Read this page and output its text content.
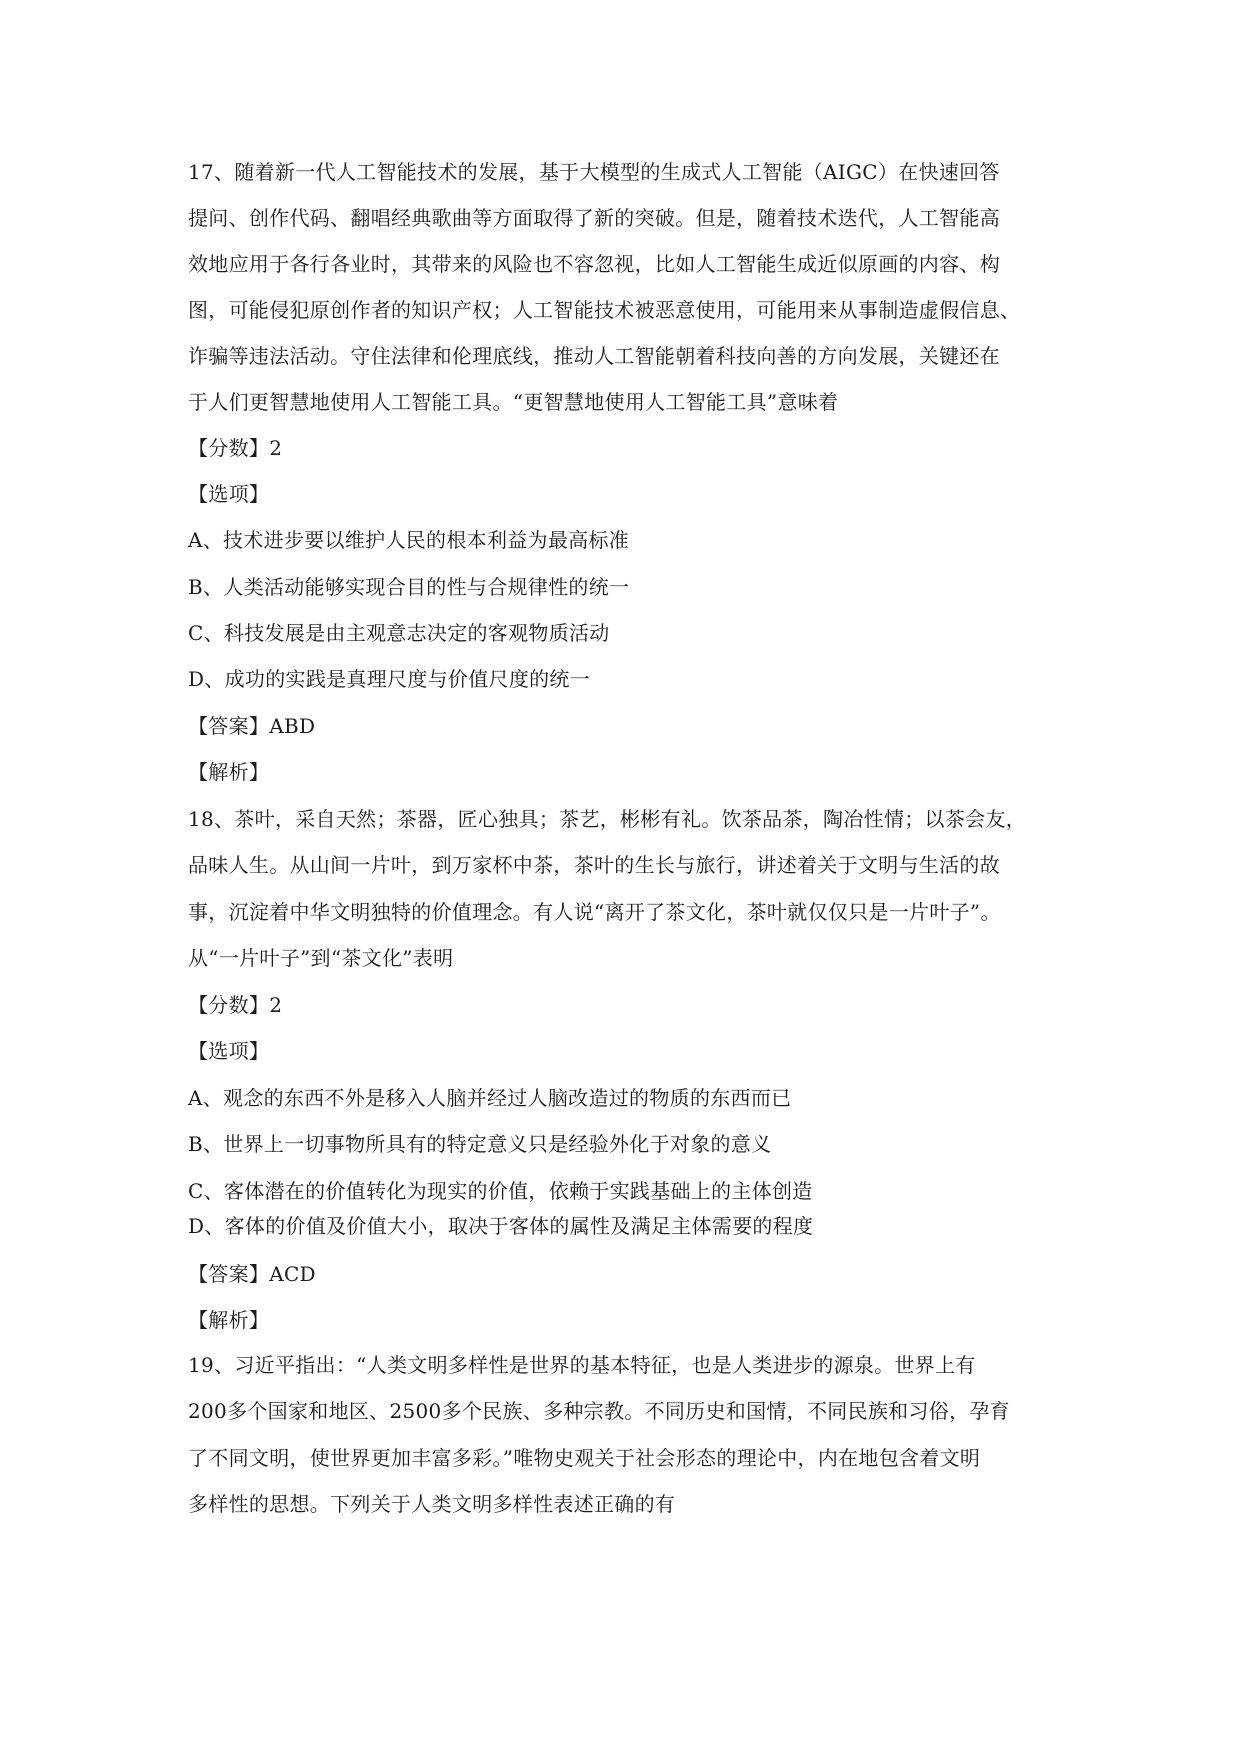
17、随着新一代人工智能技术的发展，基于大模型的生成式人工智能（AIGC）在快速回答
提问、创作代码、翻唱经典歌曲等方面取得了新的突破。但是，随着技术迭代，人工智能高
效地应用于各行各业时，其带来的风险也不容忽视，比如人工智能生成近似原画的内容、构
图，可能侵犯原创作者的知识产权；人工智能技术被恶意使用，可能用来从事制造虚假信息、
诈骗等违法活动。守住法律和伦理底线，推动人工智能朝着科技向善的方向发展，关键还在
于人们更智慧地使用人工智能工具。“更智慧地使用人工智能工具”意味着
【分数】2
【选项】
A、技术进步要以维护人民的根本利益为最高标准
B、人类活动能够实现合目的性与合规律性的统一
C、科技发展是由主观意志决定的客观物质活动
D、成功的实践是真理尺度与价值尺度的统一
【答案】ABD
【解析】
18、茶叶，采自天然；茶器，匠心独具；茶艺，彬彬有礼。饮茶品茶，陶冶性情；以茶会友，
品味人生。从山间一片叶，到万家杯中茶，茶叶的生长与旅行，讲述着关于文明与生活的故
事，沉淀着中华文明独特的价值理念。有人说“离开了茶文化，茶叶就仅仅只是一片叶子”。
从“一片叶子”到“茶文化”表明
【分数】2
【选项】
A、观念的东西不外是移入人脑并经过人脑改造过的物质的东西而已
B、世界上一切事物所具有的特定意义只是经验外化于对象的意义
C、客体潜在的价值转化为现实的价值，依赖于实践基础上的主体创造
D、客体的价值及价值大小，取决于客体的属性及满足主体需要的程度
【答案】ACD
【解析】
19、习近平指出：“人类文明多样性是世界的基本特征，也是人类进步的源泉。世界上有
200多个国家和地区、2500多个民族、多种宗教。不同历史和国情，不同民族和习俗，孕育
了不同文明，使世界更加丰富多彩。”唯物史观关于社会形态的理论中，内在地包含着文明
多样性的思想。下列关于人类文明多样性表述正确的有
